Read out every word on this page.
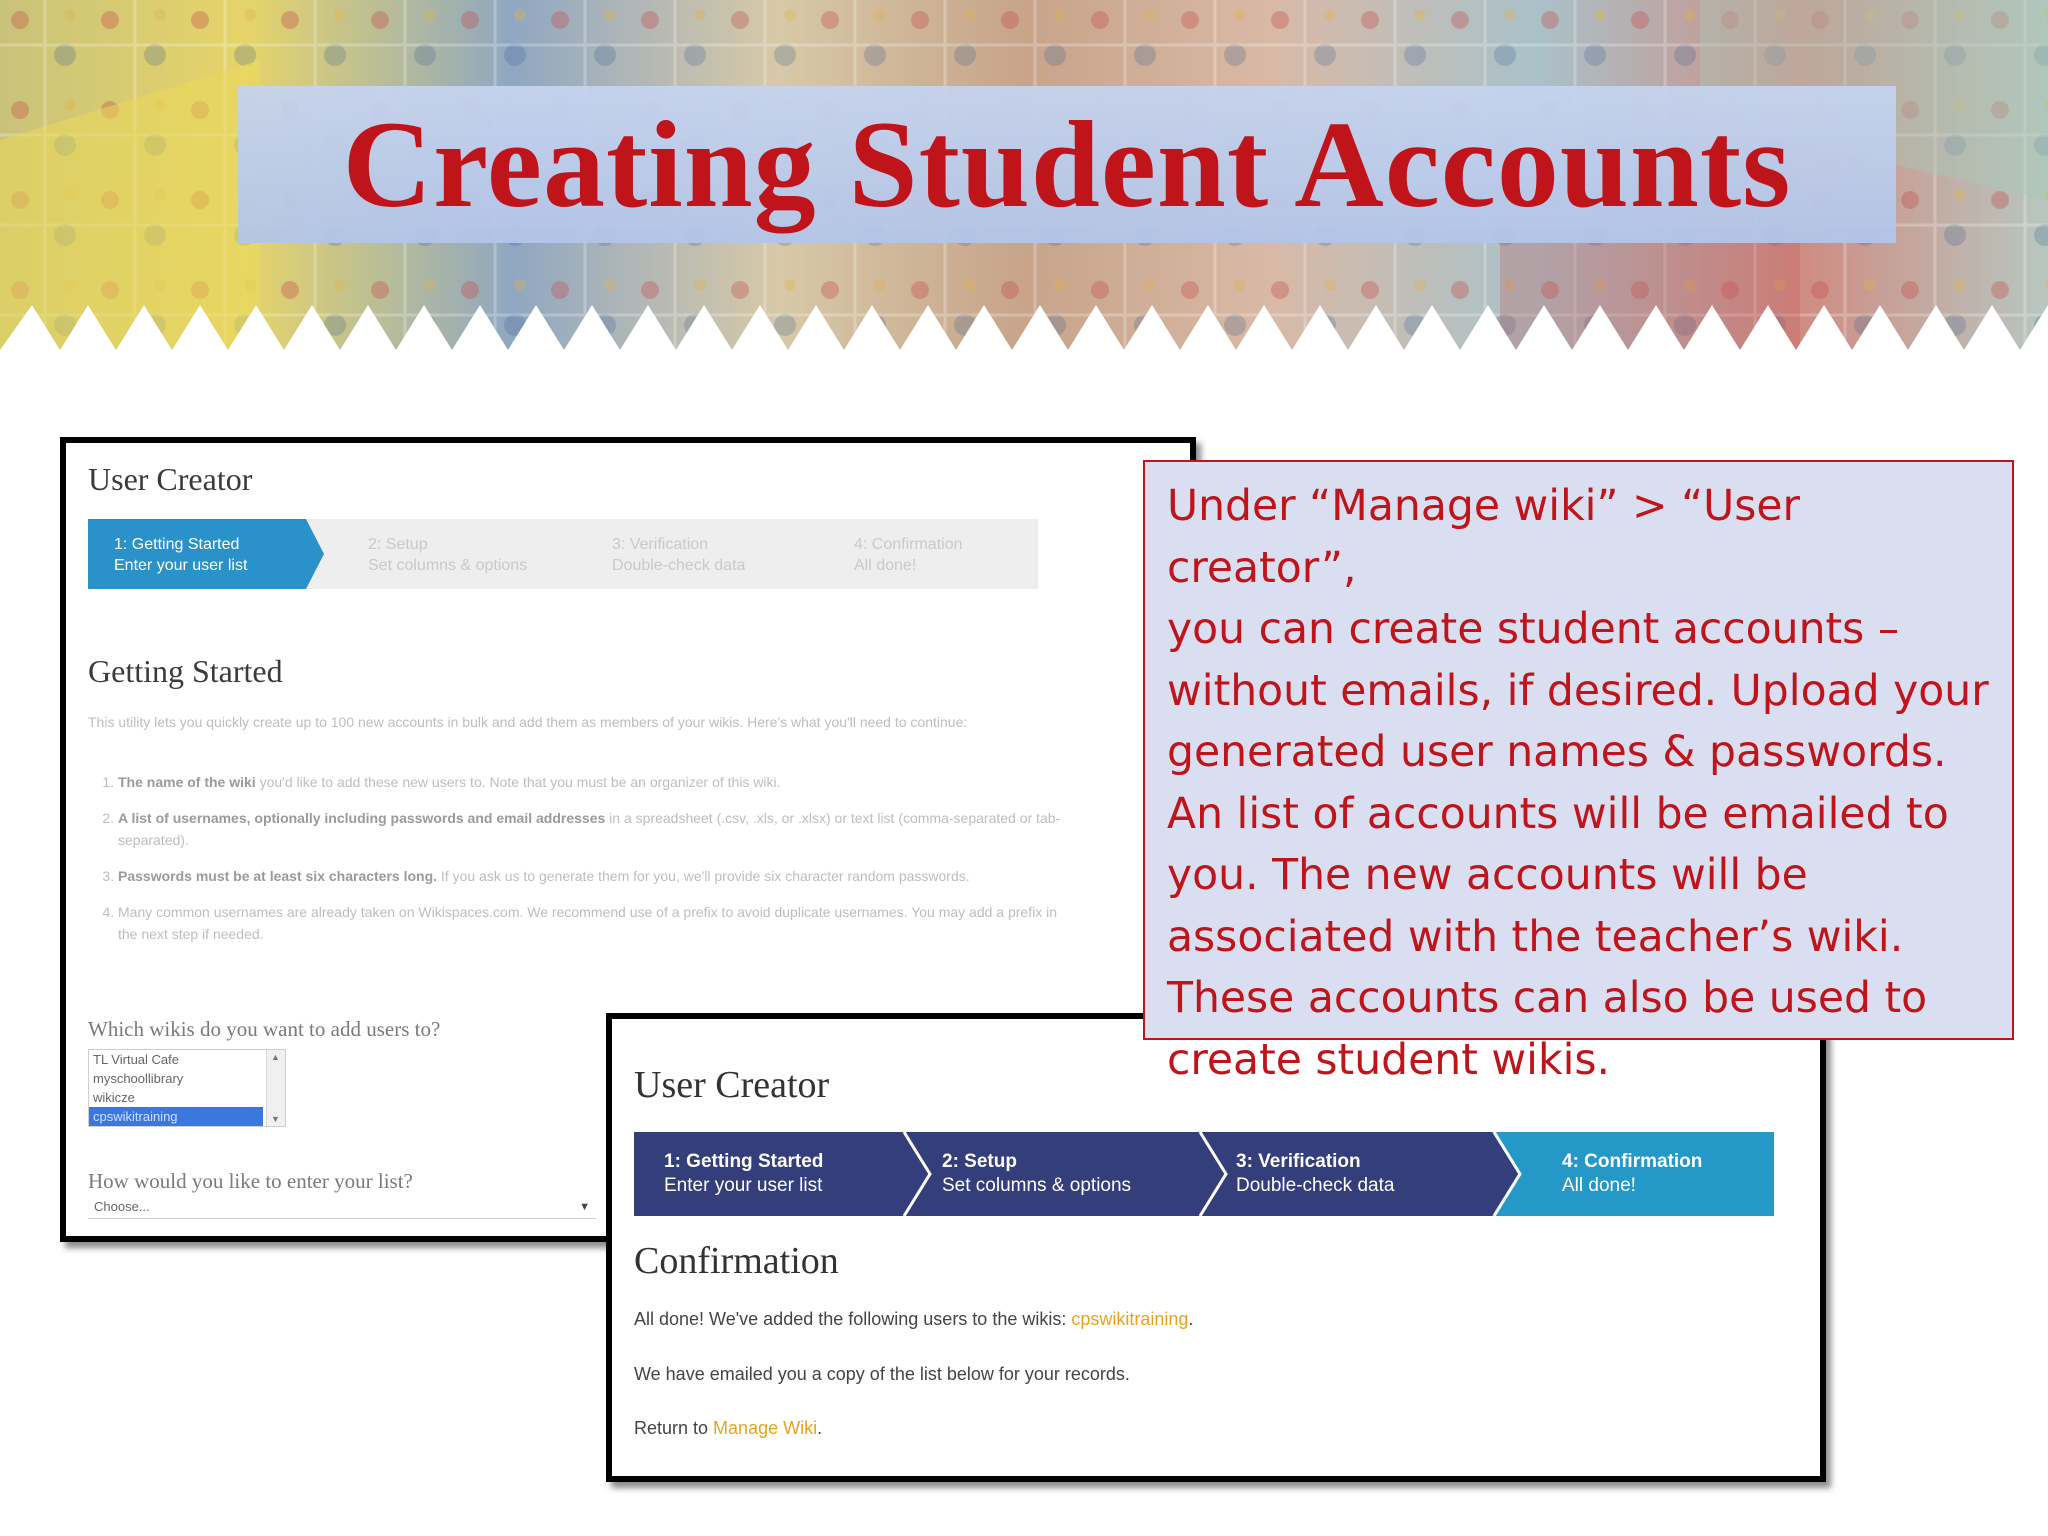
Creating Student Accounts
User Creator
1: Getting Started
Enter your user list
2: Setup
Set columns & options
3: Verification
Double-check data
4: Confirmation
All done!
Getting Started
This utility lets you quickly create up to 100 new accounts in bulk and add them as members of your wikis. Here's what you'll need to continue:
1. The name of the wiki you'd like to add these new users to. Note that you must be an organizer of this wiki.
2. A list of usernames, optionally including passwords and email addresses in a spreadsheet (.csv, .xls, or .xlsx) or text list (comma-separated or tab-separated).
3. Passwords must be at least six characters long. If you ask us to generate them for you, we'll provide six character random passwords.
4. Many common usernames are already taken on Wikispaces.com. We recommend use of a prefix to avoid duplicate usernames. You may add a prefix in the next step if needed.
Which wikis do you want to add users to?
TL Virtual Cafe
myschoollibrary
wikicze
cpswikitraining
▲
▼
How would you like to enter your list?
Choose...	▼
User Creator
1: Getting Started
Enter your user list
2: Setup
Set columns & options
3: Verification
Double-check data
4: Confirmation
All done!
Confirmation
All done! We've added the following users to the wikis: cpswikitraining.
We have emailed you a copy of the list below for your records.
Return to Manage Wiki.

Under “Manage wiki” > “User creator”,

you can create student accounts –

without emails, if desired. Upload your

generated user names & passwords.

An list of accounts will be emailed to

you. The new accounts will be

associated with the teacher’s wiki.

These accounts can also be used to

create student wikis.
